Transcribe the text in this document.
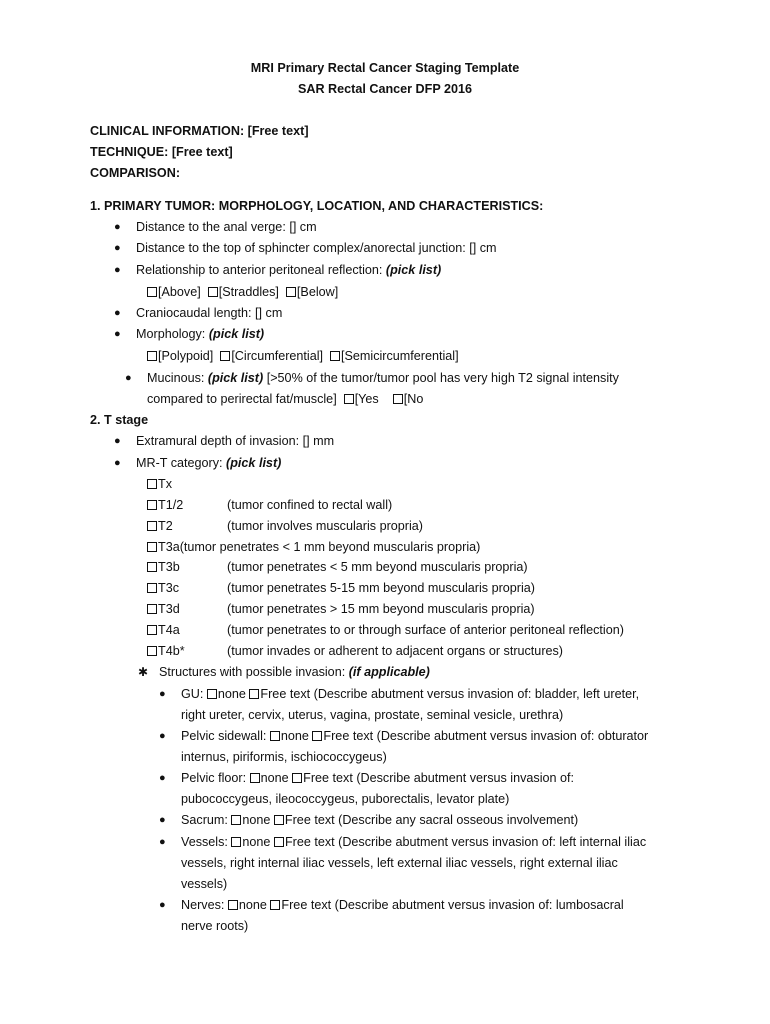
MRI Primary Rectal Cancer Staging Template
SAR Rectal Cancer DFP 2016
CLINICAL INFORMATION: [Free text]
TECHNIQUE: [Free text]
COMPARISON:
1. PRIMARY TUMOR: MORPHOLOGY, LOCATION, AND CHARACTERISTICS:
● Distance to the anal verge: [] cm
● Distance to the top of sphincter complex/anorectal junction: [] cm
● Relationship to anterior peritoneal reflection: (pick list)
[Above] [Straddles] [Below]
● Craniocaudal length: [] cm
● Morphology: (pick list)
[Polypoid] [Circumferential] [Semicircumferential]
● Mucinous: (pick list) [>50% of the tumor/tumor pool has very high T2 signal intensity
compared to perirectal fat/muscle] [Yes [No
2. T stage
● Extramural depth of invasion: [] mm
● MR-T category: (pick list)
Tx
T1/2	(tumor confined to rectal wall)
T2	(tumor involves muscularis propria)
T3a(tumor penetrates < 1 mm beyond muscularis propria)
T3b	(tumor penetrates < 5 mm beyond muscularis propria)
T3c	(tumor penetrates 5-15 mm beyond muscularis propria)
T3d	(tumor penetrates > 15 mm beyond muscularis propria)
T4a	(tumor penetrates to or through surface of anterior peritoneal reflection)
T4b*	(tumor invades or adherent to adjacent organs or structures)
✱ Structures with possible invasion: (if applicable)
● GU: none Free text (Describe abutment versus invasion of: bladder, left ureter,
right ureter, cervix, uterus, vagina, prostate, seminal vesicle, urethra)
● Pelvic sidewall: none Free text (Describe abutment versus invasion of: obturator
internus, piriformis, ischiococcygeus)
● Pelvic floor: none Free text (Describe abutment versus invasion of:
pubococcygeus, ileococcygeus, puborectalis, levator plate)
● Sacrum: none Free text (Describe any sacral osseous involvement)
● Vessels: none Free text (Describe abutment versus invasion of: left internal iliac
vessels, right internal iliac vessels, left external iliac vessels, right external iliac
vessels)
● Nerves: none Free text (Describe abutment versus invasion of: lumbosacral
nerve roots)
